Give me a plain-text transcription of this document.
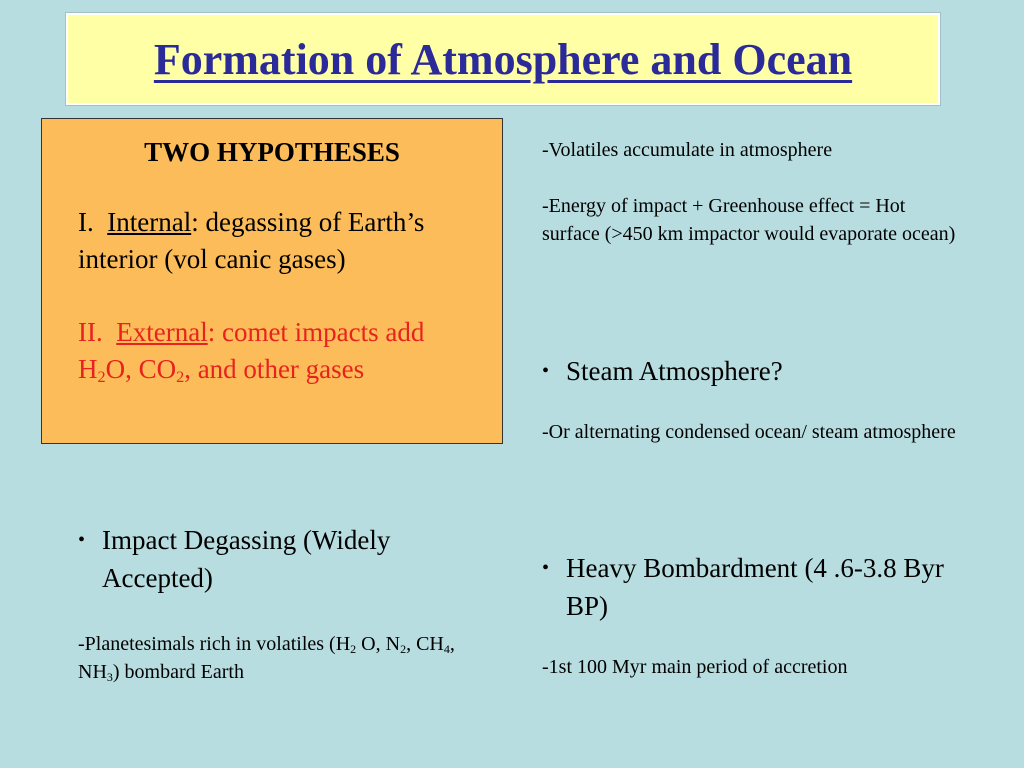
Formation of Atmosphere and Ocean
TWO HYPOTHESES
I. Internal: degassing of Earth’s interior (vol canic gases)
II. External: comet impacts add $H_2O$, $CO_2$, and other gases
• Impact Degassing (Widely Accepted)
-Planetesimals rich in volatiles ($H_2$ O, $N_2$, $CH_4$, $NH_3$) bombard Earth
-Volatiles accumulate in atmosphere
-Energy of impact + Greenhouse effect = Hot surface (>450 km impactor would evaporate ocean)
• Steam Atmosphere?
-Or alternating condensed ocean/ steam atmosphere
• Heavy Bombardment (4 .6-3.8 Byr BP)
-1st 100 Myr main period of accretion
